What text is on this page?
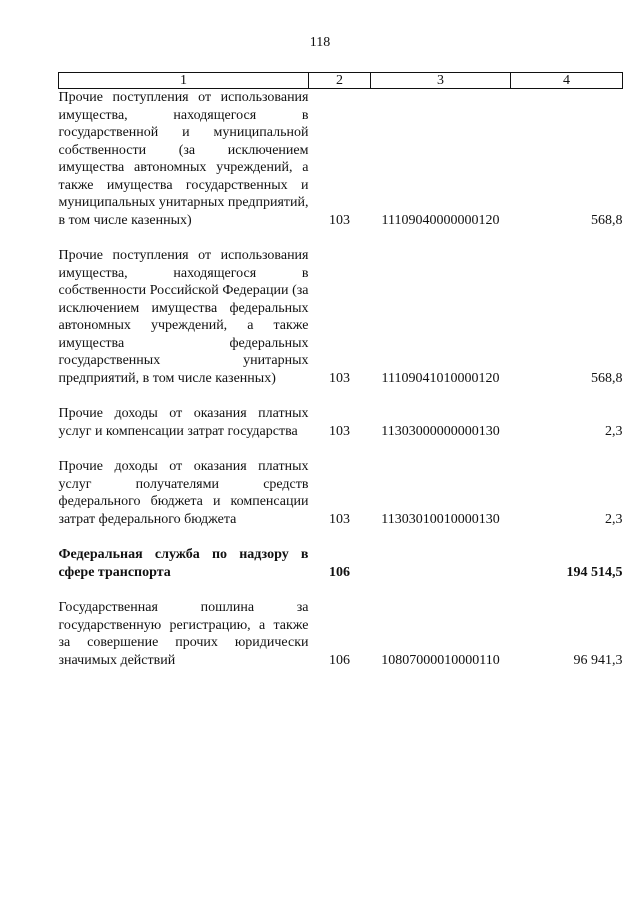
118
1	2	3	4
Прочие поступления от использования имущества, находящегося в государственной и муниципальной собственности (за исключением имущества автономных учреждений, а также имущества государственных и муниципальных унитарных предприятий, в том числе казенных)	103	11109040000000120	568,8

Прочие поступления от использования имущества, находящегося в собственности Российской Федерации (за исключением имущества федеральных автономных учреждений, а также имущества федеральных государственных унитарных предприятий, в том числе казенных)	103	11109041010000120	568,8

Прочие доходы от оказания платных услуг и компенсации затрат государства	103	11303000000000130	2,3

Прочие доходы от оказания платных услуг получателями средств федерального бюджета и компенсации затрат федерального бюджета	103	11303010010000130	2,3

Федеральная служба по надзору в сфере транспорта	106		194 514,5

Государственная пошлина за государственную регистрацию, а также за совершение прочих юридически значимых действий	106	10807000010000110	96 941,3
